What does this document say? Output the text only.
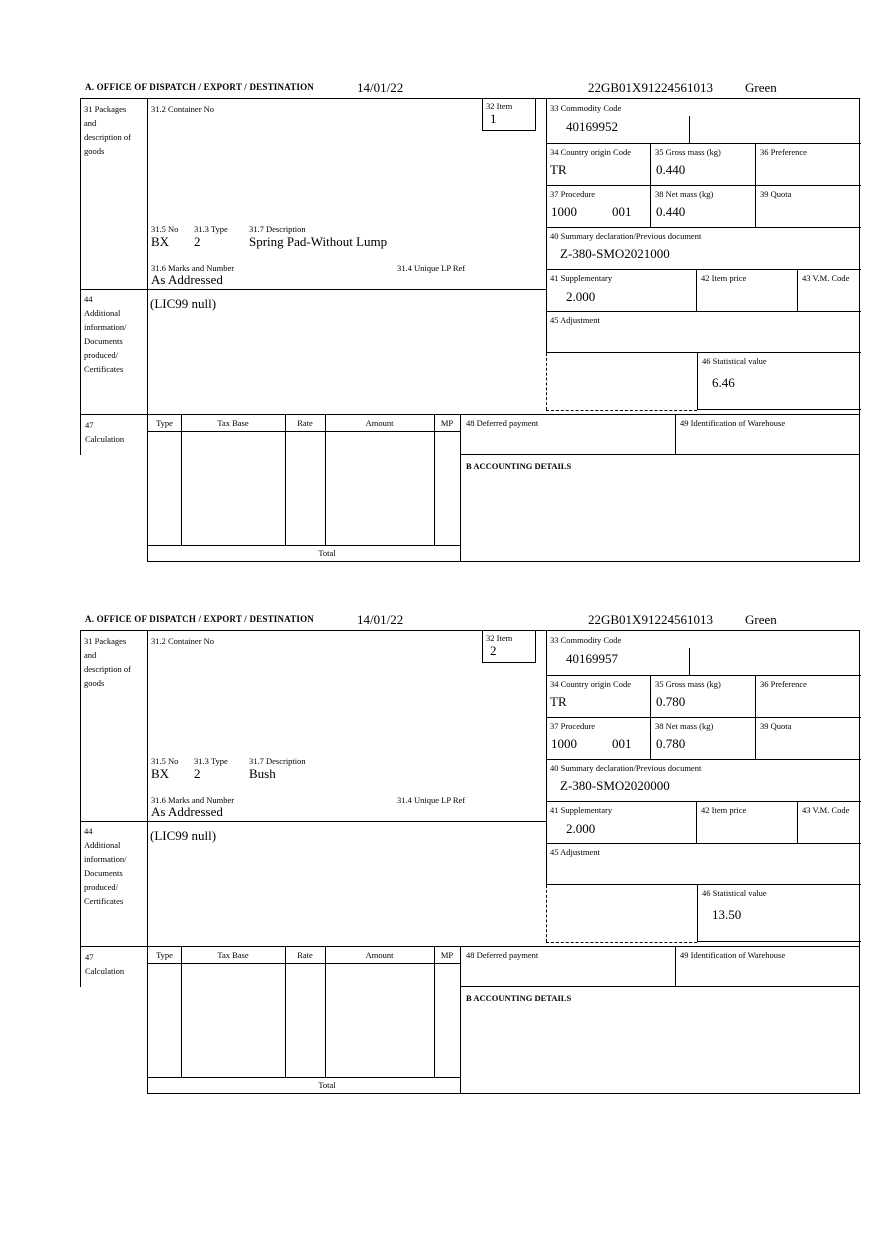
A. OFFICE OF DISPATCH / EXPORT / DESTINATION	14/01/22	22GB01X91224561013 Green
31 Packages and description of goods
44
Additional information/ Documents produced/ Certificates
31.2 Container No	32 Item
1
31.5 No 31.3 Type	31.7 Description
BX 2	Spring Pad-Without Lump
31.6 Marks and Number	31.4 Unique LP Ref
As Addressed
(LIC99 null)
33 Commodity Code
40169952
34 Country origin Code
TR
35 Gross mass (kg)
0.440
36 Preference
37 Procedure
1000	001
38 Net mass (kg)
0.440
39 Quota
40 Summary declaration/Previous document
Z-380-SMO2021000
41 Supplementary
2.000
42 Item price	43 V.M. Code
45 Adjustment
46 Statistical value
6.46
47
Calculation
Type	Tax Base	Rate	Amount	MP
Total
48 Deferred payment	49 Identification of Warehouse
B ACCOUNTING DETAILS
A. OFFICE OF DISPATCH / EXPORT / DESTINATION	14/01/22	22GB01X91224561013 Green
31 Packages and description of goods
44
Additional information/ Documents produced/ Certificates
31.2 Container No	32 Item
2
31.5 No 31.3 Type	31.7 Description
BX 2	Bush
31.6 Marks and Number	31.4 Unique LP Ref
As Addressed
(LIC99 null)
33 Commodity Code
40169957
34 Country origin Code
TR
35 Gross mass (kg)
0.780
36 Preference
37 Procedure
1000	001
38 Net mass (kg)
0.780
39 Quota
40 Summary declaration/Previous document
Z-380-SMO2020000
41 Supplementary
2.000
42 Item price	43 V.M. Code
45 Adjustment
46 Statistical value
13.50
47
Calculation
Type	Tax Base	Rate	Amount	MP
Total
48 Deferred payment	49 Identification of Warehouse
B ACCOUNTING DETAILS
